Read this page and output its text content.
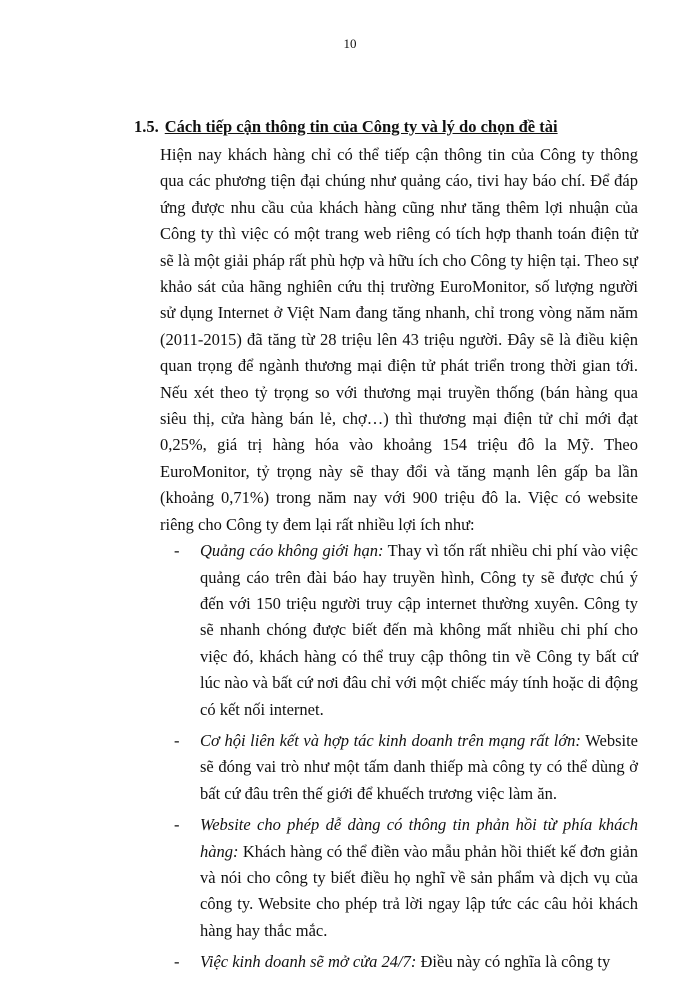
10
1.5. Cách tiếp cận thông tin của Công ty và lý do chọn đề tài

Hiện nay khách hàng chỉ có thể tiếp cận thông tin của Công ty thông qua các phương tiện đại chúng như quảng cáo, tivi hay báo chí. Để đáp ứng được nhu cầu của khách hàng cũng như tăng thêm lợi nhuận của Công ty thì việc có một trang web riêng có tích hợp thanh toán điện tử sẽ là một giải pháp rất phù hợp và hữu ích cho Công ty hiện tại. Theo sự khảo sát của hãng nghiên cứu thị trường EuroMonitor, số lượng người sử dụng Internet ở Việt Nam đang tăng nhanh, chỉ trong vòng năm năm (2011-2015) đã tăng từ 28 triệu lên 43 triệu người. Đây sẽ là điều kiện quan trọng để ngành thương mại điện tử phát triển trong thời gian tới. Nếu xét theo tỷ trọng so với thương mại truyền thống (bán hàng qua siêu thị, cửa hàng bán lẻ, chợ…) thì thương mại điện tử chỉ mới đạt 0,25%, giá trị hàng hóa vào khoảng 154 triệu đô la Mỹ. Theo EuroMonitor, tỷ trọng này sẽ thay đổi và tăng mạnh lên gấp ba lần (khoảng 0,71%) trong năm nay với 900 triệu đô la. Việc có website riêng cho Công ty đem lại rất nhiều lợi ích như:

- Quảng cáo không giới hạn: Thay vì tốn rất nhiều chi phí vào việc quảng cáo trên đài báo hay truyền hình, Công ty sẽ được chú ý đến với 150 triệu người truy cập internet thường xuyên. Công ty sẽ nhanh chóng được biết đến mà không mất nhiều chi phí cho việc đó, khách hàng có thể truy cập thông tin về Công ty bất cứ lúc nào và bất cứ nơi đâu chỉ với một chiếc máy tính hoặc di động có kết nối internet.
- Cơ hội liên kết và hợp tác kinh doanh trên mạng rất lớn: Website sẽ đóng vai trò như một tấm danh thiếp mà công ty có thể dùng ở bất cứ đâu trên thế giới để khuếch trương việc làm ăn.
- Website cho phép dễ dàng có thông tin phản hồi từ phía khách hàng: Khách hàng có thể điền vào mẫu phản hồi thiết kế đơn giản và nói cho công ty biết điều họ nghĩ về sản phẩm và dịch vụ của công ty. Website cho phép trả lời ngay lập tức các câu hỏi khách hàng hay thắc mắc.
- Việc kinh doanh sẽ mở cửa 24/7: Điều này có nghĩa là công ty
